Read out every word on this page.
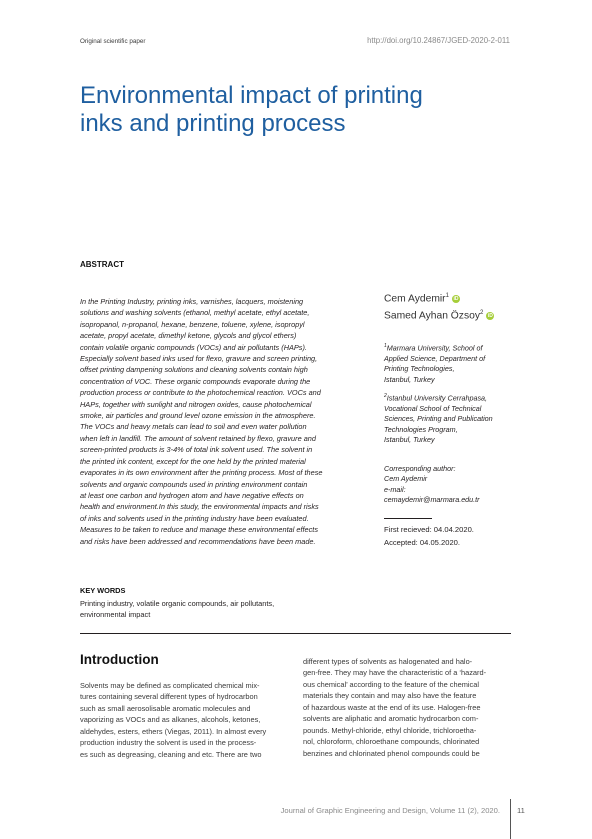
Original scientific paper	http://doi.org/10.24867/JGED-2020-2-011
Environmental impact of printing
inks and printing process
ABSTRACT
In the Printing Industry, printing inks, varnishes, lacquers, moistening
solutions and washing solvents (ethanol, methyl acetate, ethyl acetate,
isopropanol, n-propanol, hexane, benzene, toluene, xylene, isopropyl
acetate, propyl acetate, dimethyl ketone, glycols and glycol ethers)
contain volatile organic compounds (VOCs) and air pollutants (HAPs).
Especially solvent based inks used for flexo, gravure and screen printing,
offset printing dampening solutions and cleaning solvents contain high
concentration of VOC. These organic compounds evaporate during the
production process or contribute to the photochemical reaction. VOCs and
HAPs, together with sunlight and nitrogen oxides, cause photochemical
smoke, air particles and ground level ozone emission in the atmosphere.
The VOCs and heavy metals can lead to soil and even water pollution
when left in landfill. The amount of solvent retained by flexo, gravure and
screen-printed products is 3-4% of total ink solvent used. The solvent in
the printed ink content, except for the one held by the printed material
evaporates in its own environment after the printing process. Most of these
solvents and organic compounds used in printing environment contain
at least one carbon and hydrogen atom and have negative effects on
health and environment.In this study, the environmental impacts and risks
of inks and solvents used in the printing industry have been evaluated.
Measures to be taken to reduce and manage these environmental effects
and risks have been addressed and recommendations have been made.
Cem Aydemir$^1$iD
Samed Ayhan Özsoy$^2$iD
$^1$Marmara University, School of
Applied Science, Department of
Printing Technologies,
Istanbul, Turkey
$^2$Istanbul University Cerrahpasa,
Vocational School of Technical
Sciences, Printing and Publication
Technologies Program,
Istanbul, Turkey
Corresponding author:
Cem Aydemir
e-mail:
cemaydemir@marmara.edu.tr
First recieved: 04.04.2020.
Accepted: 04.05.2020.
KEY WORDS
Printing industry, volatile organic compounds, air pollutants,
environmental impact
Introduction
Solvents may be defined as complicated chemical mix-
tures containing several different types of hydrocarbon
such as small aerosolisable aromatic molecules and
vaporizing as VOCs and as alkanes, alcohols, ketones,
aldehydes, esters, ethers (Viegas, 2011). In almost every
production industry the solvent is used in the process-
es such as degreasing, cleaning and etc. There are two
different types of solvents as halogenated and halo-
gen-free. They may have the characteristic of a ‘hazard-
ous chemical’ according to the feature of the chemical
materials they contain and may also have the feature
of hazardous waste at the end of its use. Halogen-free
solvents are aliphatic and aromatic hydrocarbon com-
pounds. Methyl-chloride, ethyl chloride, trichloroetha-
nol, chloroform, chloroethane compounds, chlorinated
benzines and chlorinated phenol compounds could be
Journal of Graphic Engineering and Design, Volume 11 (2), 2020. 11
